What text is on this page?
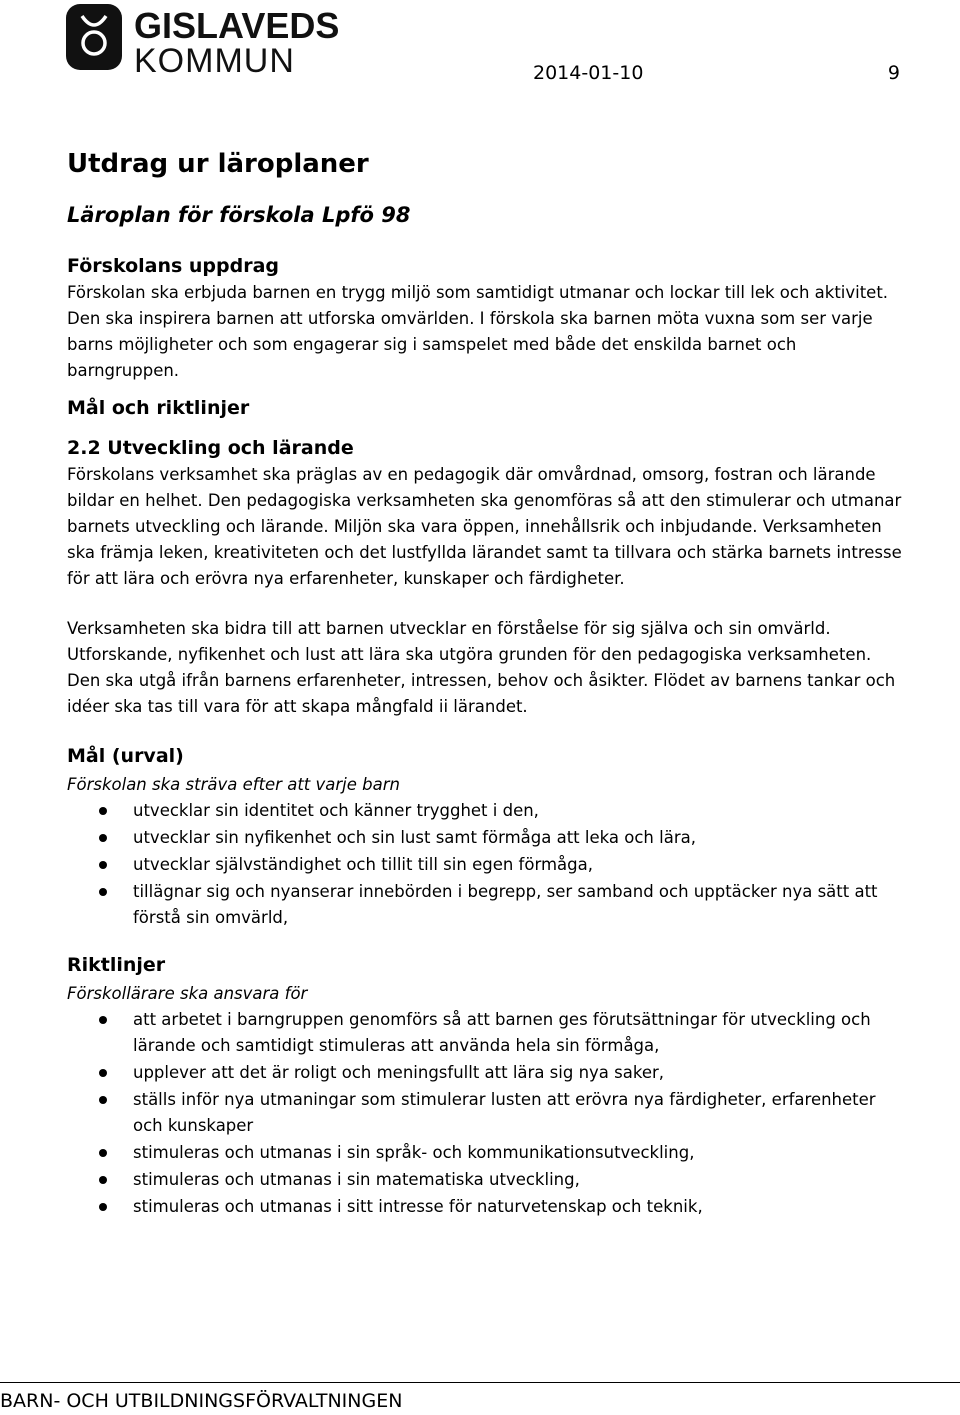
GISLAVEDS
KOMMUN	2014-01-10	9
Utdrag ur läroplaner
Läroplan för förskola Lpfö 98
Förskolans uppdrag

Förskolan ska erbjuda barnen en trygg miljö som samtidigt utmanar och lockar till lek och aktivitet. Den ska inspirera barnen att utforska omvärlden. I förskola ska barnen möta vuxna som ser varje barns möjligheter och som engagerar sig i samspelet med både det enskilda barnet och barngruppen.

Mål och riktlinjer
2.2 Utveckling och lärande

Förskolans verksamhet ska präglas av en pedagogik där omvårdnad, omsorg, fostran och lärande bildar en helhet. Den pedagogiska verksamheten ska genomföras så att den stimulerar och utmanar barnets utveckling och lärande. Miljön ska vara öppen, innehållsrik och inbjudande. Verksamheten ska främja leken, kreativiteten och det lustfyllda lärandet samt ta tillvara och stärka barnets intresse för att lära och erövra nya erfarenheter, kunskaper och färdigheter.

Verksamheten ska bidra till att barnen utvecklar en förståelse för sig själva och sin omvärld. Utforskande, nyfikenhet och lust att lära ska utgöra grunden för den pedagogiska verksamheten. Den ska utgå ifrån barnens erfarenheter, intressen, behov och åsikter. Flödet av barnens tankar och idéer ska tas till vara för att skapa mångfald ii lärandet.

Mål (urval)

Förskolan ska sträva efter att varje barn

utvecklar sin identitet och känner trygghet i den,
utvecklar sin nyfikenhet och sin lust samt förmåga att leka och lära,
utvecklar självständighet och tillit till sin egen förmåga,
tillägnar sig och nyanserar innebörden i begrepp, ser samband och upptäcker nya sätt att förstå sin omvärld,
Riktlinjer

Förskollärare ska ansvara för

att arbetet i barngruppen genomförs så att barnen ges förutsättningar för utveckling och lärande och samtidigt stimuleras att använda hela sin förmåga,
upplever att det är roligt och meningsfullt att lära sig nya saker,
ställs inför nya utmaningar som stimulerar lusten att erövra nya färdigheter, erfarenheter och kunskaper
stimuleras och utmanas i sin språk- och kommunikationsutveckling,
stimuleras och utmanas i sin matematiska utveckling,
stimuleras och utmanas i sitt intresse för naturvetenskap och teknik,
BARN- OCH UTBILDNINGSFÖRVALTNINGEN
